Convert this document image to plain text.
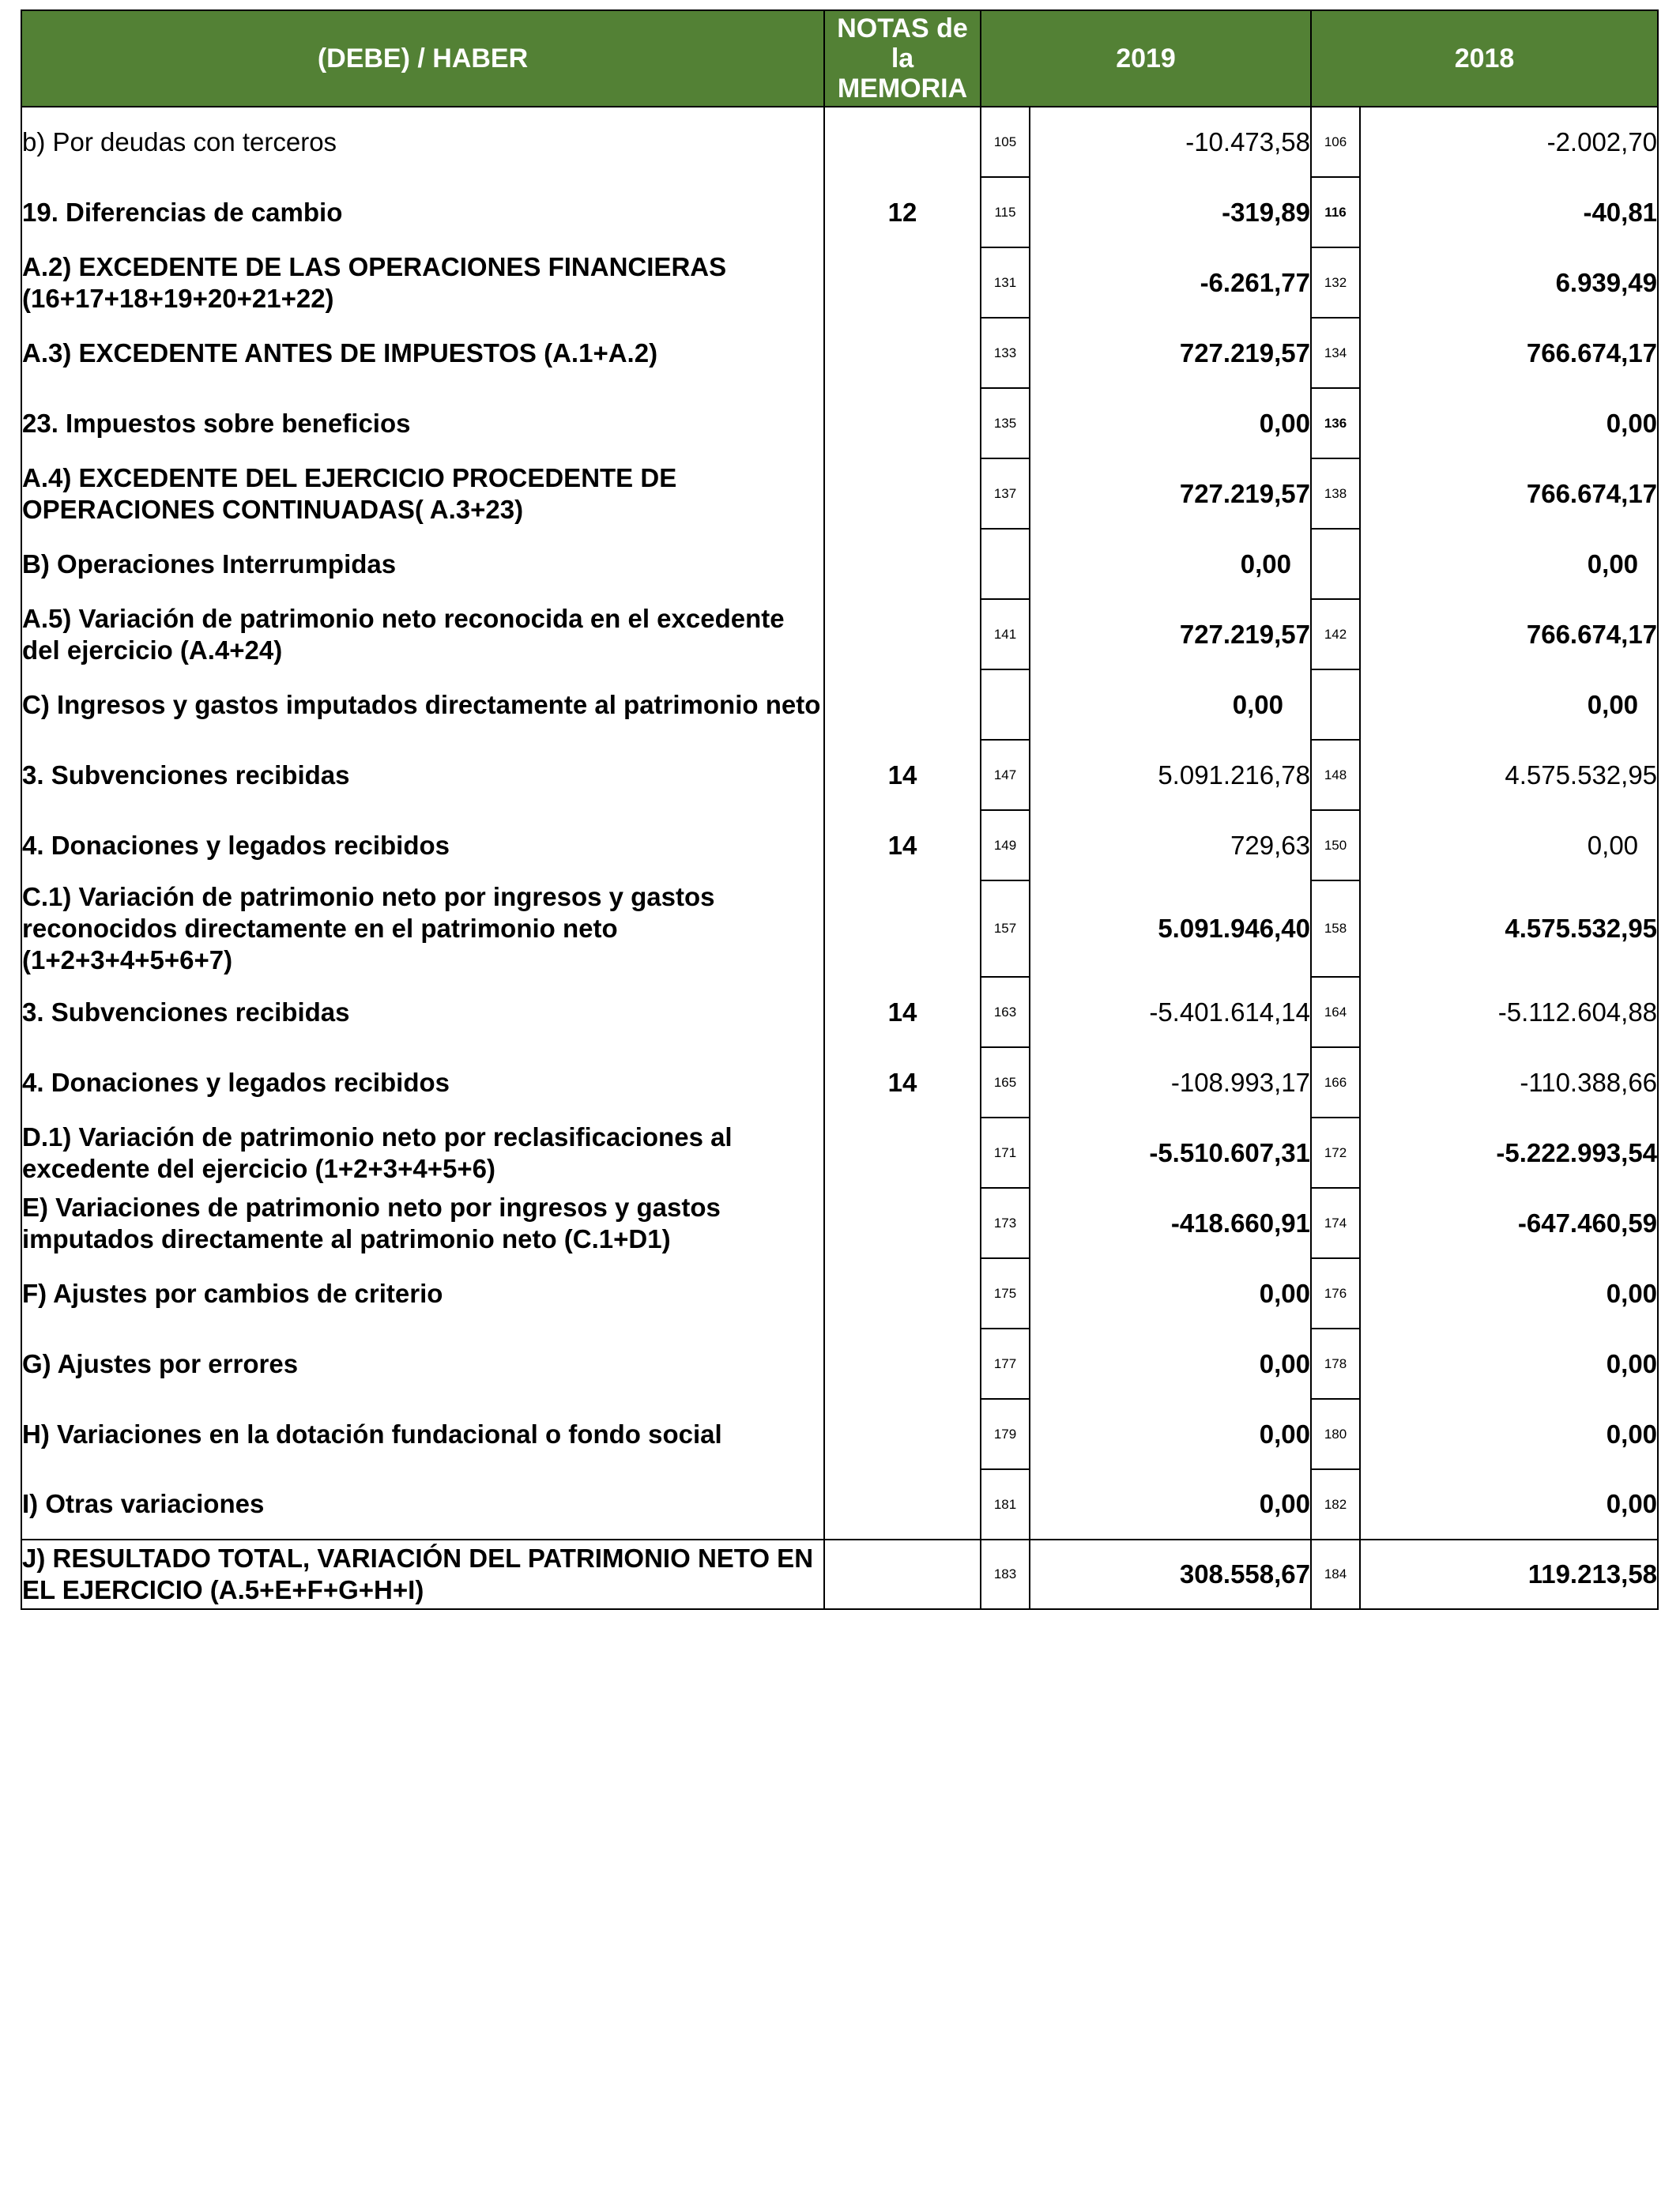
(DEBE) / HABER	NOTAS de la MEMORIA	2019		2018	
b) Por deudas con terceros		105	-10.473,58	106	-2.002,70
19. Diferencias de cambio	12	115	-319,89	116	-40,81
A.2) EXCEDENTE DE LAS OPERACIONES FINANCIERAS (16+17+18+19+20+21+22)		131	-6.261,77	132	6.939,49
A.3) EXCEDENTE ANTES DE IMPUESTOS (A.1+A.2)		133	727.219,57	134	766.674,17
23. Impuestos sobre beneficios		135	0,00	136	0,00
A.4) EXCEDENTE DEL EJERCICIO PROCEDENTE DE OPERACIONES CONTINUADAS( A.3+23)		137	727.219,57	138	766.674,17
B) Operaciones Interrumpidas			0,00		0,00
A.5) Variación de patrimonio neto reconocida en el excedente del ejercicio (A.4+24)		141	727.219,57	142	766.674,17
C) Ingresos y gastos imputados directamente al patrimonio neto			0,00		0,00
3. Subvenciones recibidas	14	147	5.091.216,78	148	4.575.532,95
4. Donaciones y legados recibidos	14	149	729,63	150	0,00
C.1) Variación de patrimonio neto por ingresos y gastos reconocidos directamente en el patrimonio neto (1+2+3+4+5+6+7)		157	5.091.946,40	158	4.575.532,95
3. Subvenciones recibidas	14	163	-5.401.614,14	164	-5.112.604,88
4. Donaciones y legados recibidos	14	165	-108.993,17	166	-110.388,66
D.1) Variación de patrimonio neto por reclasificaciones al excedente del ejercicio (1+2+3+4+5+6)		171	-5.510.607,31	172	-5.222.993,54
E) Variaciones de patrimonio neto por ingresos y gastos imputados directamente al patrimonio neto (C.1+D1)		173	-418.660,91	174	-647.460,59
F) Ajustes por cambios de criterio		175	0,00	176	0,00
G) Ajustes por errores		177	0,00	178	0,00
H) Variaciones en la dotación fundacional o fondo social		179	0,00	180	0,00
I) Otras variaciones		181	0,00	182	0,00
J) RESULTADO TOTAL, VARIACIÓN DEL PATRIMONIO NETO EN EL EJERCICIO (A.5+E+F+G+H+I)		183	308.558,67	184	119.213,58
